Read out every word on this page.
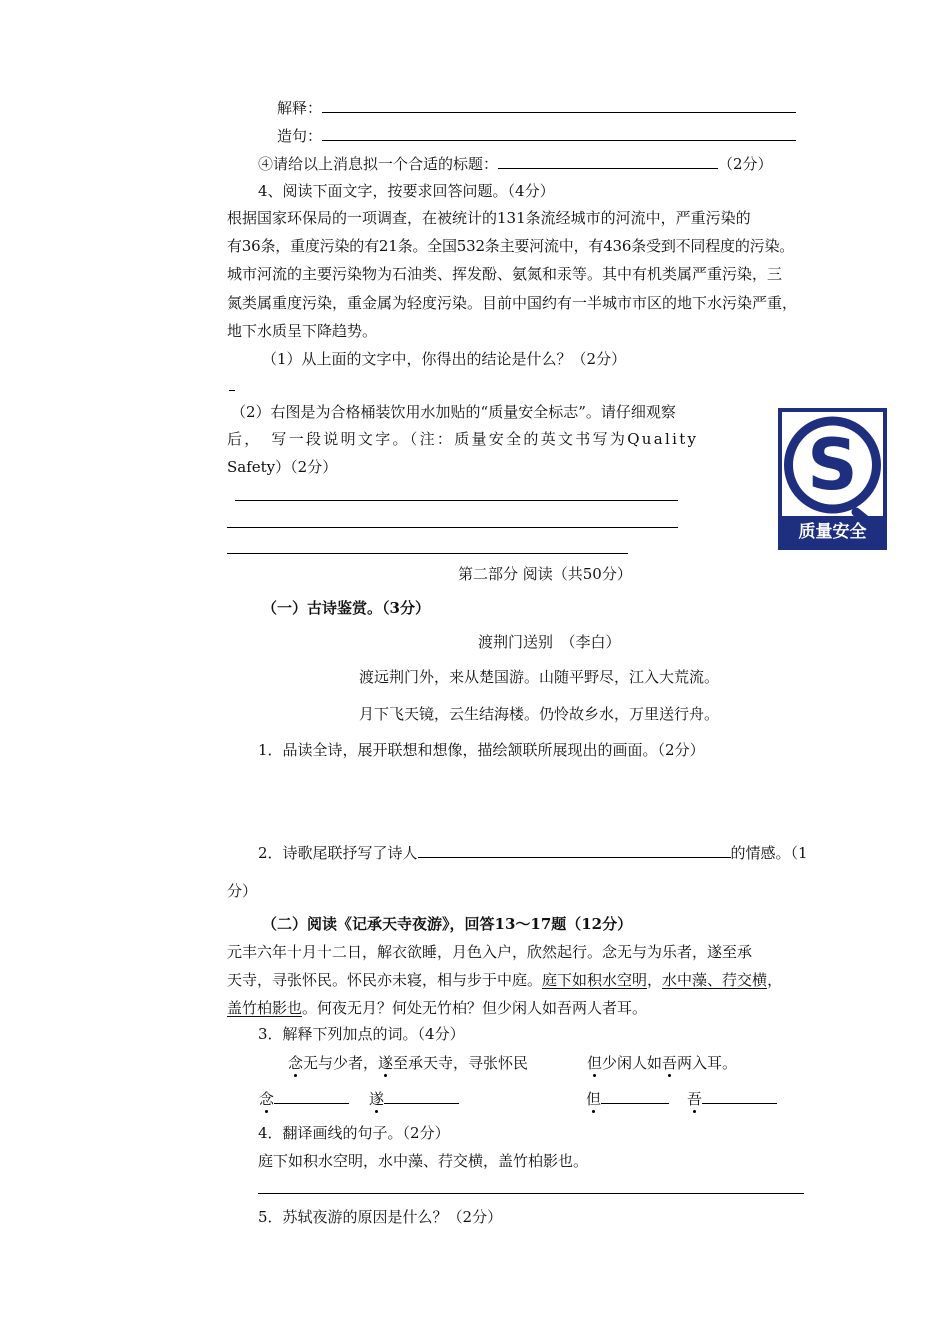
解释：
造句：
④请给以上消息拟一个合适的标题：	（2分）
4、阅读下面文字，按要求回答问题。（4分）
根据国家环保局的一项调查，在被统计的131条流经城市的河流中，严重污染的
有36条，重度污染的有21条。全国532条主要河流中，有436条受到不同程度的污染。
城市河流的主要污染物为石油类、挥发酚、氨氮和汞等。其中有机类属严重污染，三
氮类属重度污染，重金属为轻度污染。目前中国约有一半城市市区的地下水污染严重，
地下水质呈下降趋势。
（1）从上面的文字中，你得出的结论是什么？（2分）
（2）右图是为合格桶装饮用水加贴的“质量安全标志”。请仔细观察
后，　写一段说明文字。（注：质量安全的英文书写为Quality
Safety）（2分）	S
质量安全
第二部分 阅读（共50分）
（一）古诗鉴赏。（3分）
渡荆门送别　（李白）
渡远荆门外，来从楚国游。山随平野尽，江入大荒流。
月下飞天镜，云生结海楼。仍怜故乡水，万里送行舟。
1．品读全诗，展开联想和想像，描绘颔联所展现出的画面。（2分）
2．诗歌尾联抒写了诗人	的情感。（1
分）
（二）阅读《记承天寺夜游》，回答13～17题（12分）
元丰六年十月十二日，解衣欲睡，月色入户，欣然起行。念无与为乐者，遂至承
天寺，寻张怀民。怀民亦未寝，相与步于中庭。庭下如积水空明，水中藻、荇交横，
盖竹柏影也。何夜无月？何处无竹柏？但少闲人如吾两人者耳。
3．解释下列加点的词。（4分）
念无与少者，遂至承天寺，寻张怀民	但少闲人如吾两入耳。
念	遂	但	吾
4．翻译画线的句子。（2分）
庭下如积水空明，水中藻、荇交横，盖竹柏影也。
5．苏轼夜游的原因是什么？（2分）
